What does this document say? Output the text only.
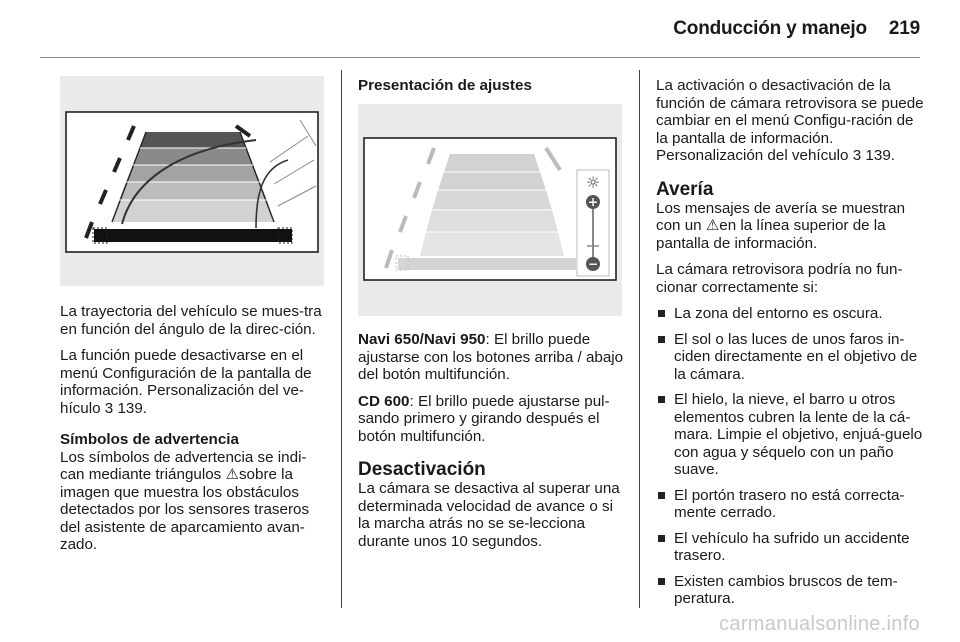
Conducción y manejo 219
☼
+
−

La trayectoria del vehículo se mues-tra en función del ángulo de la direc-ción.

La función puede desactivarse en el menú Configuración de la pantalla de información. Personalización del ve-hículo 3 139.

Símbolos de advertencia

Los símbolos de advertencia se indi-can mediante triángulos ⚠sobre la imagen que muestra los obstáculos detectados por los sensores traseros del asistente de aparcamiento avan-zado.

Presentación de ajustes

Navi 650/Navi 950: El brillo puede ajustarse con los botones arriba / abajo del botón multifunción.

CD 600: El brillo puede ajustarse pul-sando primero y girando después el botón multifunción.

Desactivación

La cámara se desactiva al superar una determinada velocidad de avance o si la marcha atrás no se se-lecciona durante unos 10 segundos.

La activación o desactivación de la función de cámara retrovisora se puede cambiar en el menú Configu-ración de la pantalla de información. Personalización del vehículo 3 139.

Avería

Los mensajes de avería se muestran con un ⚠en la línea superior de la pantalla de información.

La cámara retrovisora podría no fun-cionar correctamente si:

La zona del entorno es oscura.
El sol o las luces de unos faros in-ciden directamente en el objetivo de la cámara.
El hielo, la nieve, el barro u otros elementos cubren la lente de la cá-mara. Limpie el objetivo, enjuá-guelo con agua y séquelo con un paño suave.
El portón trasero no está correcta-mente cerrado.
El vehículo ha sufrido un accidente trasero.
Existen cambios bruscos de tem-peratura.
carmanualsonline.info
